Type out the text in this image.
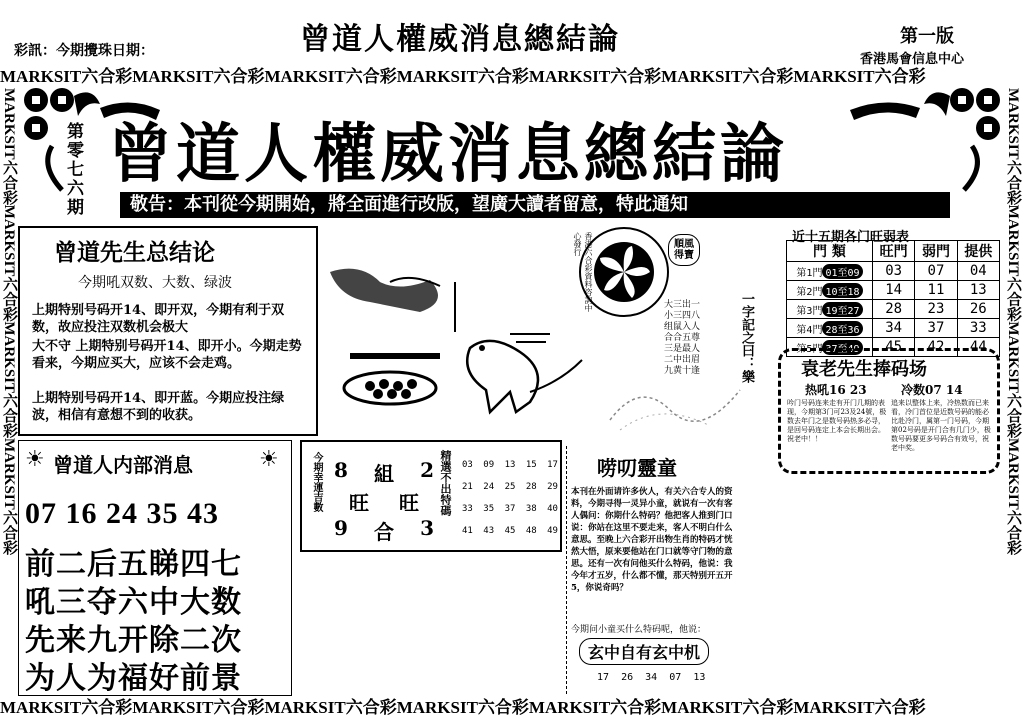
彩訊：今期攪珠日期：	曾道人權威消息總結論	第一版
香港馬會信息中心
MARKSIT六合彩MARKSIT六合彩MARKSIT六合彩MARKSIT六合彩MARKSIT六合彩MARKSIT六合彩MARKSIT六合彩
MARKSIT六合彩MARKSIT六合彩MARKSIT六合彩MARKSIT六合彩MARKSIT六合彩MARKSIT六合彩MARKSIT六合彩
MARKSIT六合彩MARKSIT六合彩MARKSIT六合彩MARKSIT六合彩	MARKSIT六合彩MARKSIT六合彩MARKSIT六合彩MARKSIT六合彩
第零七六期 曾道人權威消息總結論
敬告：本刊從今期開始，將全面進行改版，望廣大讀者留意，特此通知
曾道先生总结论
今期吼双数、大数、绿波
上期特别号码开14、即开双，今期有利于双数，故应投注双数机会极大
大不守 上期特别号码开14、即开小。今期走势看来，今期应买大，应该不会走鸡。
上期特别号码开14、即开蓝。今期应投注绿波，相信有意想不到的收获。
香港六合彩資料咨詢中心發行	順風得寶
一字記之曰：樂
大三出一
小三四八
组鼠入人
合合五尊
三是最人
二中出眉
九黄十逢
近十五期各门旺弱表
門 類	旺門	弱門	提供
第1門 01至09	03	07	04
第2門 10至18	14	11	13
第3門 19至27	28	23	26
第4門 28至36	34	37	33
第5門 37至49	45	42	44
袁老先生捧码场
热吼16 23	冷数07 14
吟门号码连来走有开门几期的表现，今期第3门可23及24號，极数去年门之是数号码热多必寻，是回号码连定上本会长期出会。祝老中！！
追来以整体上来，冷热数而已来看，冷门首位是近数号码的能必比赴冷门，属第一门号码，今期第02号码是开门合有几门少，极数号码要更多号码合有效号，祝老中奖。
☀ 曾道人内部消息	☀
07 16 24 35 43
前二后五睇四七
吼三夺六中大数
先来九开除二次
为人为福好前景
今期幸運吉數 8 組 2
旺 旺
9 合 3
精選不出特碼 03 09 13 15 17
21 24 25 28 29
33 35 37 38 40
41 43 45 48 49
唠叨靈童
本刊在外面请许多伙人，有关六合专人的资料，今期寻得一灵异小童，就说有一次有客人偶问：你期什么特码？他把客人推到门口说：你站在这里不要走来，客人不明白什么意思。至晚上六合彩开出物生肖的特码才恍然大悟，原来要他站在门口就等守门物的意思。还有一次有问他买什么特码，他说：我今年才五岁，什么都不懂，那天特别开五开5，你说奇吗？
今期问小童买什么特码呢，他说：
玄中自有玄中机
17  26  34  07  13
